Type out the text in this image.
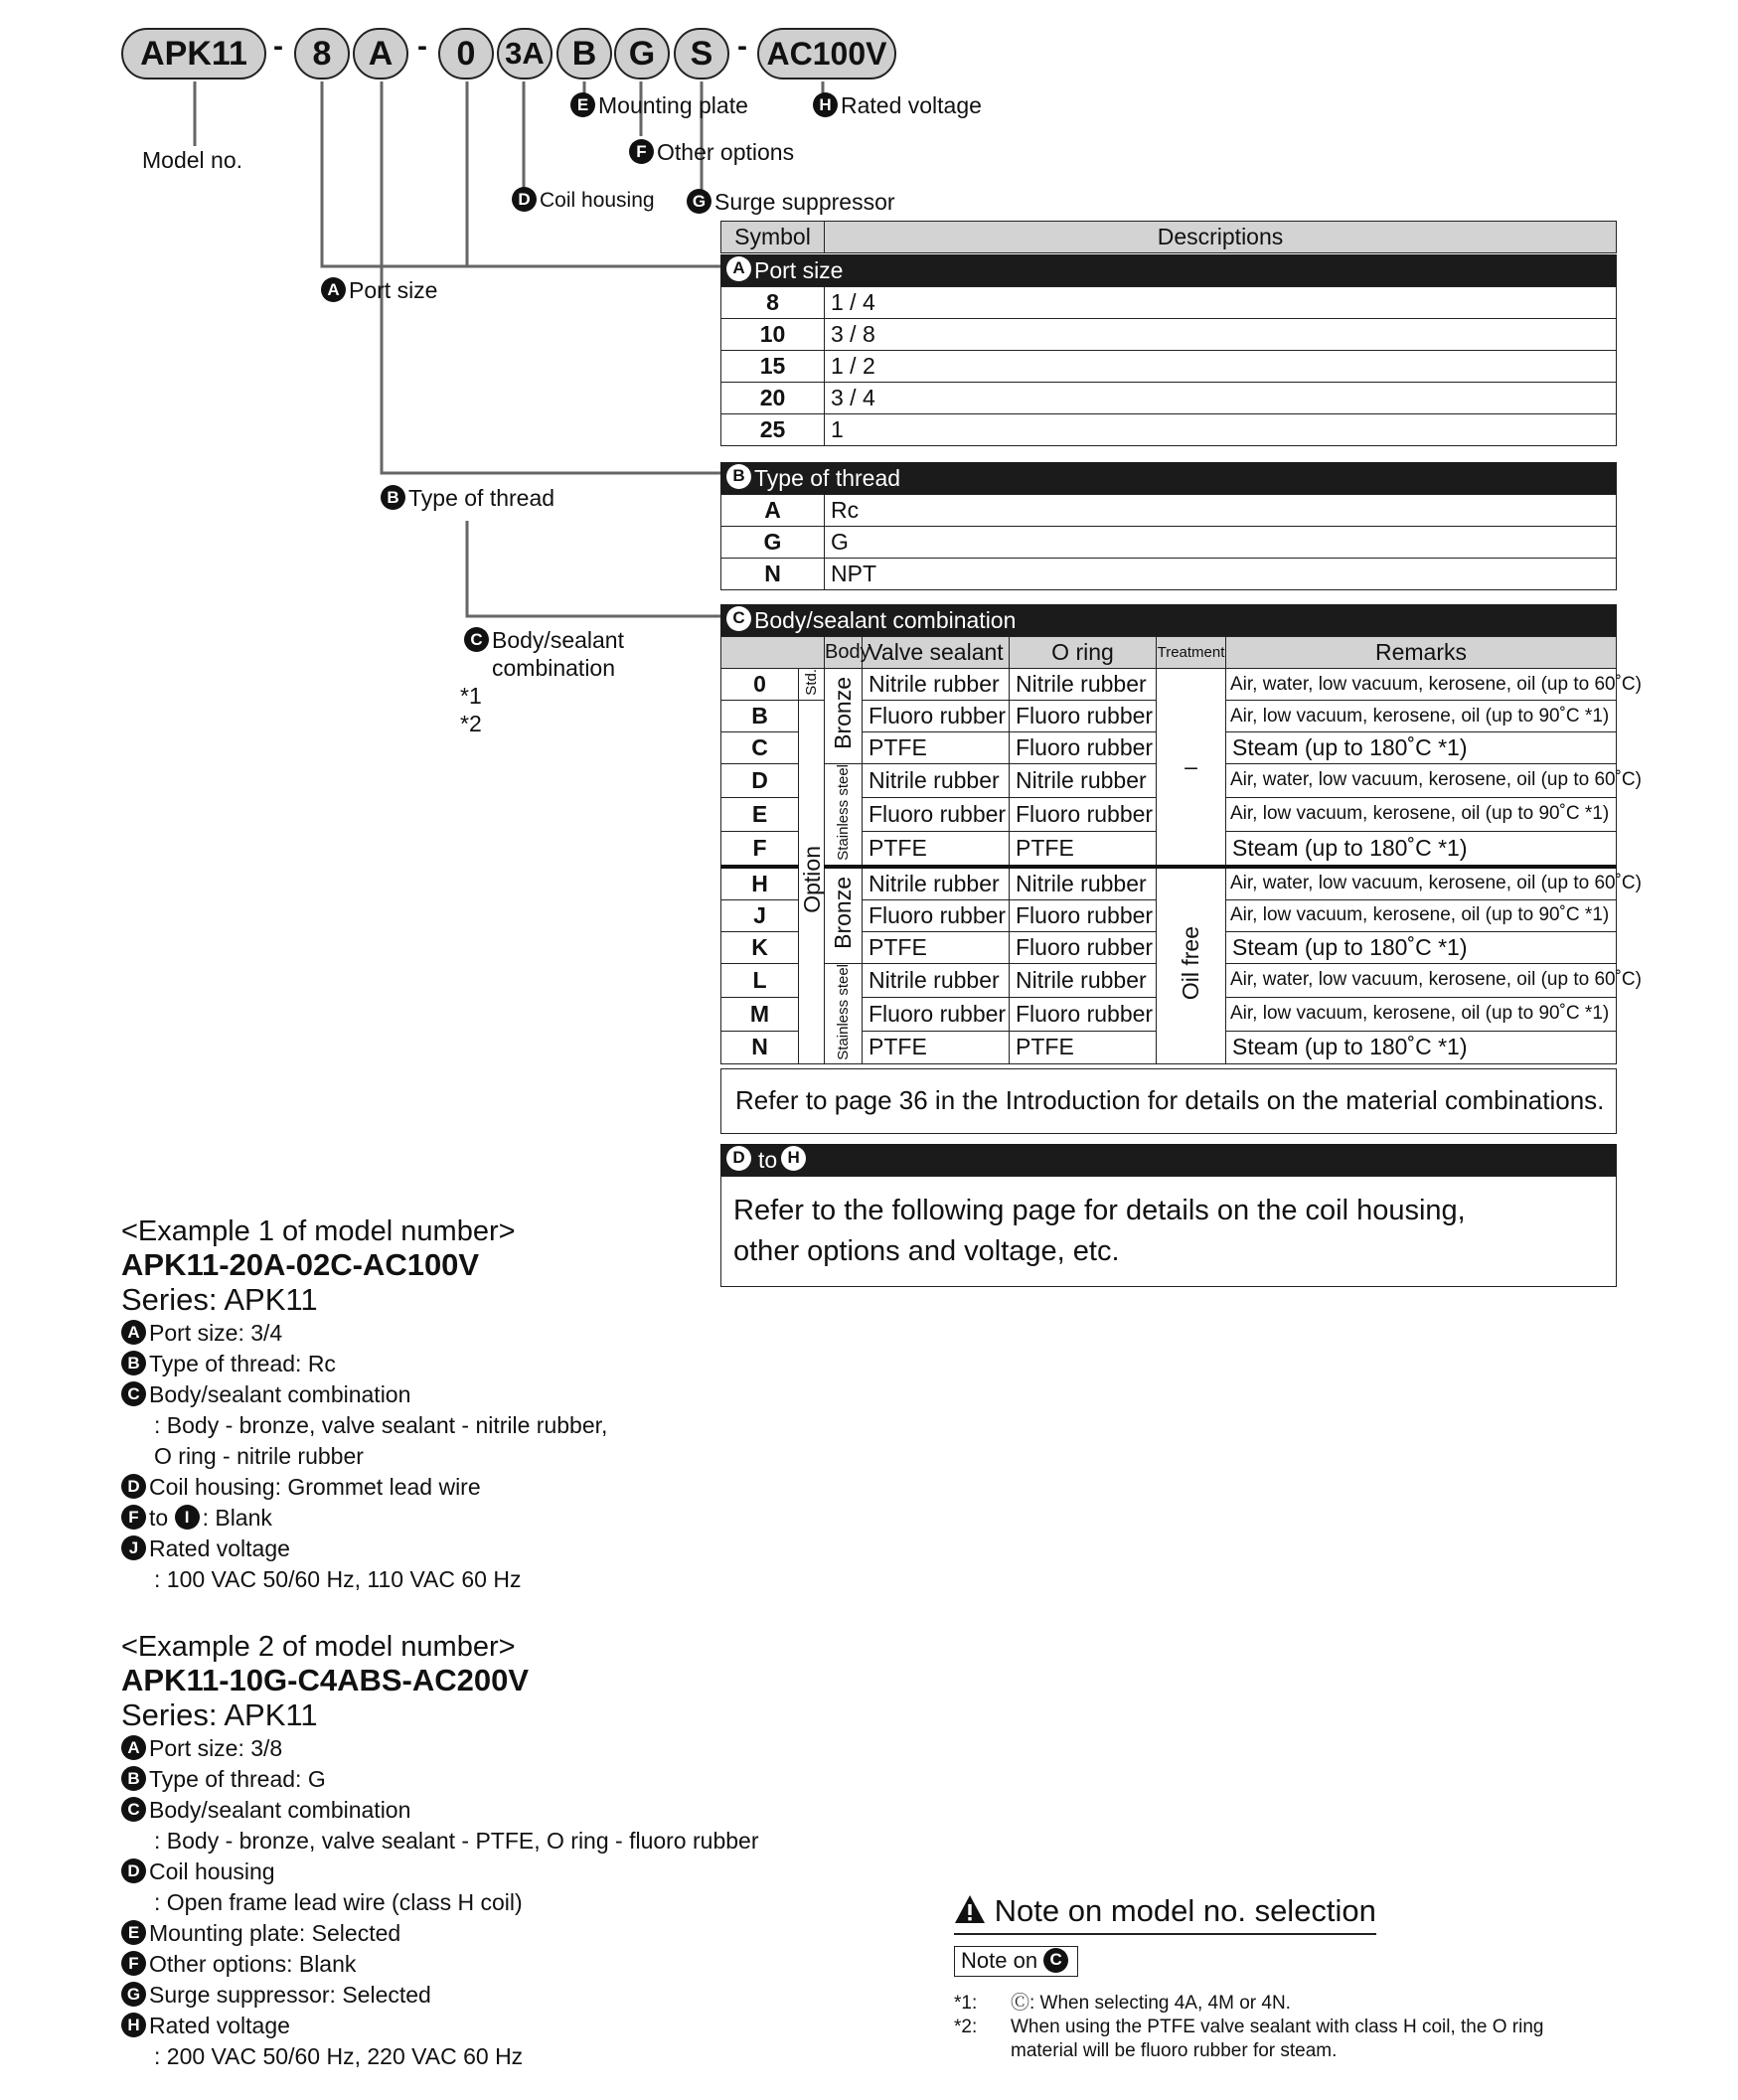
APK11 - 8	A - 0 3A B G	S - AC100V
Model no.
E Mounting plate	H Rated voltage
F Other options
D Coil housing	G Surge suppressor
A Port size
B Type of thread
C Body/sealant
combination
*1
*2
Symbol	Descriptions
A Port size
8	1 / 4
10	3 / 8
15	1 / 2
20	3 / 4
25	1
B Type of thread
A	Rc
G	G
N	NPT
C Body/sealant combination
		Body	Valve sealant	O ring	Treatment	Remarks
0	Std.	Bronze	Nitrile rubber	Nitrile rubber	–	Air, water, low vacuum, kerosene, oil (up to 60˚C)
B	Option		Fluoro rubber	Fluoro rubber		Air, low vacuum, kerosene, oil (up to 90˚C *1)
C			PTFE	Fluoro rubber		Steam (up to 180˚C *1)
D		Stainless steel	Nitrile rubber	Nitrile rubber		Air, water, low vacuum, kerosene, oil (up to 60˚C)
E			Fluoro rubber	Fluoro rubber		Air, low vacuum, kerosene, oil (up to 90˚C *1)
F			PTFE	PTFE		Steam (up to 180˚C *1)
H		Bronze	Nitrile rubber	Nitrile rubber	Oil free	Air, water, low vacuum, kerosene, oil (up to 60˚C)
J			Fluoro rubber	Fluoro rubber		Air, low vacuum, kerosene, oil (up to 90˚C *1)
K			PTFE	Fluoro rubber		Steam (up to 180˚C *1)
L		Stainless steel	Nitrile rubber	Nitrile rubber		Air, water, low vacuum, kerosene, oil (up to 60˚C)
M			Fluoro rubber	Fluoro rubber		Air, low vacuum, kerosene, oil (up to 90˚C *1)
N			PTFE	PTFE		Steam (up to 180˚C *1)
Refer to page 36 in the Introduction for details on the material combinations.
D to H
Refer to the following page for details on the coil housing,
other options and voltage, etc.
<Example 1 of model number>
APK11-20A-02C-AC100V
Series: APK11
A Port size: 3/4
B Type of thread: Rc
C Body/sealant combination
: Body - bronze, valve sealant - nitrile rubber,
O ring - nitrile rubber
D Coil housing: Grommet lead wire
F to I : Blank
J Rated voltage
: 100 VAC 50/60 Hz, 110 VAC 60 Hz
<Example 2 of model number>
APK11-10G-C4ABS-AC200V
Series: APK11
A Port size: 3/8
B Type of thread: G
C Body/sealant combination
: Body - bronze, valve sealant - PTFE, O ring - fluoro rubber
D Coil housing
: Open frame lead wire (class H coil)
E Mounting plate: Selected
F Other options: Blank
G Surge suppressor: Selected
H Rated voltage
: 200 VAC 50/60 Hz, 220 VAC 60 Hz
Note on model no. selection
Note on C
*1: Ⓒ: When selecting 4A, 4M or 4N.
*2: When using the PTFE valve sealant with class H coil, the O ring
material will be fluoro rubber for steam.
